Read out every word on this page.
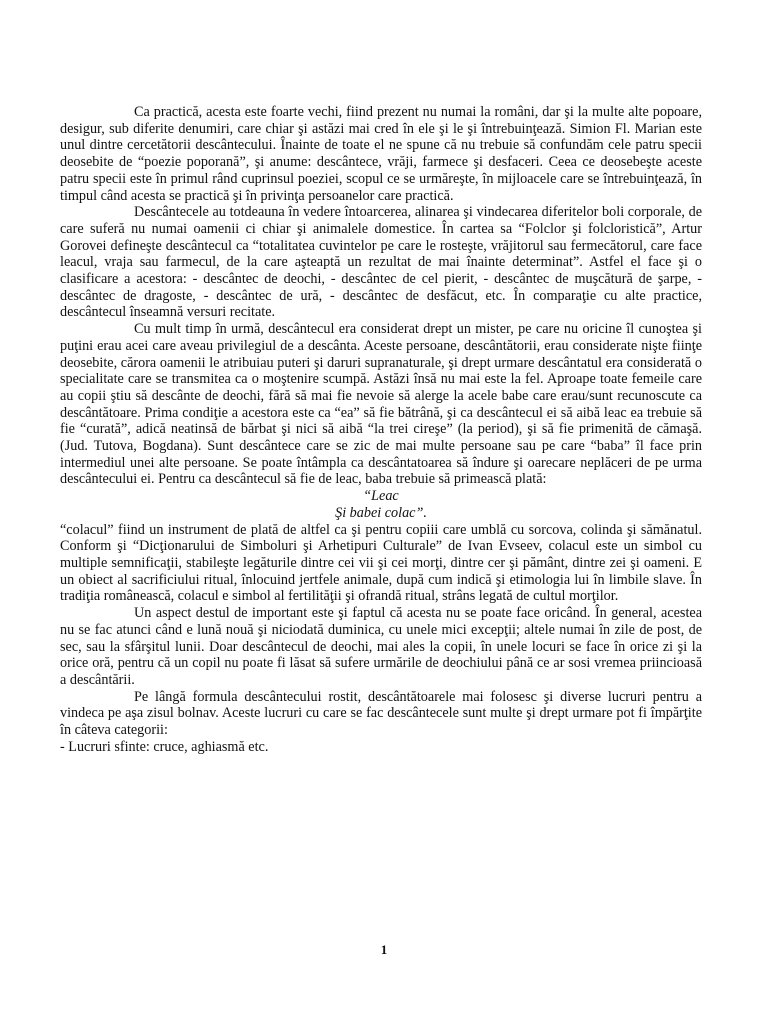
Ca practică, acesta este foarte vechi, fiind prezent nu numai la români, dar şi la multe alte popoare, desigur, sub diferite denumiri, care chiar şi astăzi mai cred în ele şi le şi întrebuinţează. Simion Fl. Marian este unul dintre cercetătorii descântecului. Înainte de toate el ne spune că nu trebuie să confundăm cele patru specii deosebite de “poezie poporană”, şi anume: descântece, vrăji, farmece şi desfaceri. Ceea ce deosebeşte aceste patru specii este în primul rând cuprinsul poeziei, scopul ce se urmăreşte, în mijloacele care se întrebuinţează, în timpul când acesta se practică şi în privinţa persoanelor care practică.

Descântecele au totdeauna în vedere întoarcerea, alinarea şi vindecarea diferitelor boli corporale, de care suferă nu numai oamenii ci chiar şi animalele domestice. În cartea sa “Folclor şi folcloristică”, Artur Gorovei defineşte descântecul ca “totalitatea cuvintelor pe care le rosteşte, vrăjitorul sau fermecătorul, care face leacul, vraja sau farmecul, de la care aşteaptă un rezultat de mai înainte determinat”. Astfel el face şi o clasificare a acestora: - descântec de deochi, - descântec de cel pierit, - descântec de muşcătură de şarpe, - descântec de dragoste, - descântec de ură, - descântec de desfăcut, etc. În comparaţie cu alte practice, descântecul înseamnă versuri recitate.

Cu mult timp în urmă, descântecul era considerat drept un mister, pe care nu oricine îl cunoştea şi puţini erau acei care aveau privilegiul de a descânta. Aceste persoane, descântătorii, erau considerate nişte fiinţe deosebite, cărora oamenii le atribuiau puteri şi daruri supranaturale, şi drept urmare descântatul era considerată o specialitate care se transmitea ca o moştenire scumpă. Astăzi însă nu mai este la fel. Aproape toate femeile care au copii ştiu să descânte de deochi, fără să mai fie nevoie să alerge la acele babe care erau/sunt recunoscute ca descântătoare. Prima condiţie a acestora este ca “ea” să fie bătrână, şi ca descântecul ei să aibă leac ea trebuie să fie “curată”, adică neatinsă de bărbat şi nici să aibă “la trei cireşe” (la period), şi să fie primenită de cămaşă. (Jud. Tutova, Bogdana). Sunt descântece care se zic de mai multe persoane sau pe care “baba” îl face prin intermediul unei alte persoane. Se poate întâmpla ca descântatoarea să îndure şi oarecare neplăceri de pe urma descântecului ei. Pentru ca descântecul să fie de leac, baba trebuie să primească plată:

“Leac

Şi babei colac”.

“colacul” fiind un instrument de plată de altfel ca şi pentru copiii care umblă cu sorcova, colinda şi sămănatul. Conform şi “Dicţionarului de Simboluri şi Arhetipuri Culturale” de Ivan Evseev, colacul este un simbol cu multiple semnificaţii, stabileşte legăturile dintre cei vii şi cei morţi, dintre cer şi pământ, dintre zei şi oameni. E un obiect al sacrificiului ritual, înlocuind jertfele animale, după cum indică şi etimologia lui în limbile slave. În tradiţia românească, colacul e simbol al fertilităţii şi ofrandă ritual, strâns legată de cultul morţilor.

Un aspect destul de important este şi faptul că acesta nu se poate face oricând. În general, acestea nu se fac atunci când e lună nouă şi niciodată duminica, cu unele mici excepţii; altele numai în zile de post, de sec, sau la sfârşitul lunii. Doar descântecul de deochi, mai ales la copii, în unele locuri se face în orice zi şi la orice oră, pentru că un copil nu poate fi lăsat să sufere urmările de deochiului până ce ar sosi vremea priincioasă a descântării.

Pe lângă formula descântecului rostit, descântătoarele mai folosesc şi diverse lucruri pentru a vindeca pe aşa zisul bolnav. Aceste lucruri cu care se fac descântecele sunt multe şi drept urmare pot fi împărţite în câteva categorii:

- Lucruri sfinte: cruce, aghiasmă etc.

1
